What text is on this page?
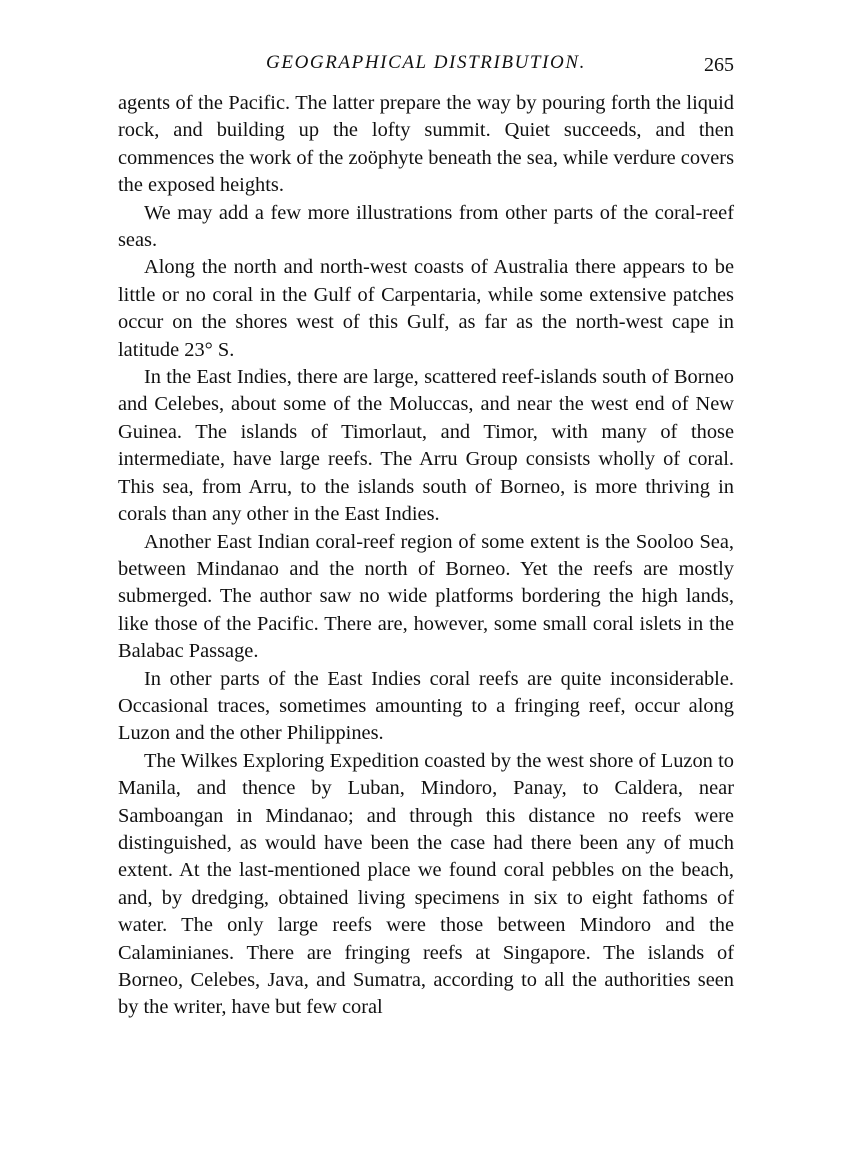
GEOGRAPHICAL DISTRIBUTION.	265

agents of the Pacific. The latter prepare the way by pouring forth the liquid rock, and building up the lofty summit. Quiet succeeds, and then commences the work of the zoöphyte beneath the sea, while verdure covers the exposed heights.

We may add a few more illustrations from other parts of the coral-reef seas.

Along the north and north-west coasts of Australia there appears to be little or no coral in the Gulf of Carpentaria, while some extensive patches occur on the shores west of this Gulf, as far as the north-west cape in latitude 23° S.

In the East Indies, there are large, scattered reef-islands south of Borneo and Celebes, about some of the Moluccas, and near the west end of New Guinea. The islands of Timorlaut, and Timor, with many of those intermediate, have large reefs. The Arru Group consists wholly of coral. This sea, from Arru, to the islands south of Borneo, is more thriving in corals than any other in the East Indies.

Another East Indian coral-reef region of some extent is the Sooloo Sea, between Mindanao and the north of Borneo. Yet the reefs are mostly submerged. The author saw no wide platforms bordering the high lands, like those of the Pacific. There are, however, some small coral islets in the Balabac Passage.

In other parts of the East Indies coral reefs are quite inconsiderable. Occasional traces, sometimes amounting to a fringing reef, occur along Luzon and the other Philippines.

The Wilkes Exploring Expedition coasted by the west shore of Luzon to Manila, and thence by Luban, Mindoro, Panay, to Caldera, near Samboangan in Mindanao; and through this distance no reefs were distinguished, as would have been the case had there been any of much extent. At the last-mentioned place we found coral pebbles on the beach, and, by dredging, obtained living specimens in six to eight fathoms of water. The only large reefs were those between Mindoro and the Calaminianes. There are fringing reefs at Singapore. The islands of Borneo, Celebes, Java, and Sumatra, according to all the authorities seen by the writer, have but few coral
